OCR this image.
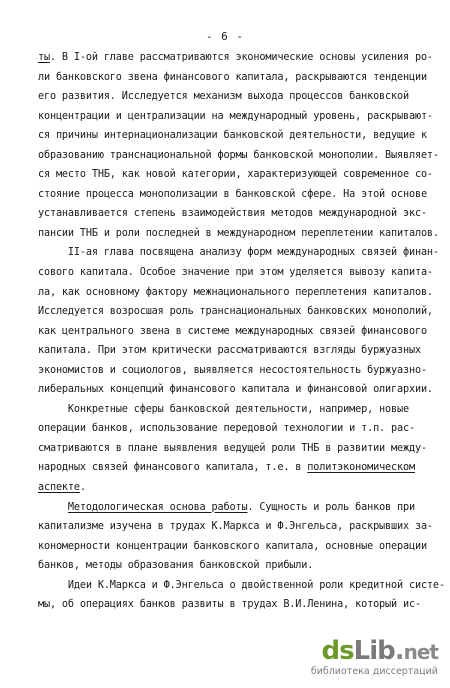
- 6 -
ты. В I-ой главе рассматриваются экономические основы усиления ро-
ли банковского звена финансового капитала, раскрываются тенденции
его развития. Исследуется механизм выхода процессов банковской
концентрации и централизации на международный уровень, раскрывают-
ся причины интернационализации банковской деятельности, ведущие к
образованию транснациональной формы банковской монополии. Выявляет-
ся место ТНБ, как новой категории, характеризующей современное со-
стояние процесса монополизации в банковской сфере. На этой основе
устанавливается степень взаимодействия методов международной экс-
пансии ТНБ и роли последней в международном переплетении капиталов.
II-ая глава посвящена анализу форм международных связей финан-
сового капитала. Особое значение при этом уделяется вывозу капита-
ла, как основному фактору межнационального переплетения капиталов.
Исследуется возросшая роль транснациональных банковских монополий,
как центрального звена в системе международных связей финансового
капитала. При этом критически рассматриваются взгляды буржуазных
экономистов и социологов, выявляется несостоятельность буржуазно-
либеральных концепций финансового капитала и финансовой олигархии.
Конкретные сферы банковской деятельности, например, новые
операции банков, использование передовой технологии и т.п. рас-
сматриваются в плане выявления ведущей роли ТНБ в развитии между-
народных связей финансового капитала, т.е. в политэкономическом
аспекте.
Методологическая основа работы. Сущность и роль банков при
капитализме изучена в трудах К.Маркса и Ф.Энгельса, раскрывших за-
кономерности концентрации банковского капитала, основные операции
банков, методы образования банковской прибыли.
Идеи К.Маркса и Ф.Энгельса о двойственной роли кредитной систе-
мы, об операциях банков развиты в трудах В.И.Ленина, который ис-
ds Lib . net
библиотека диссертаций
